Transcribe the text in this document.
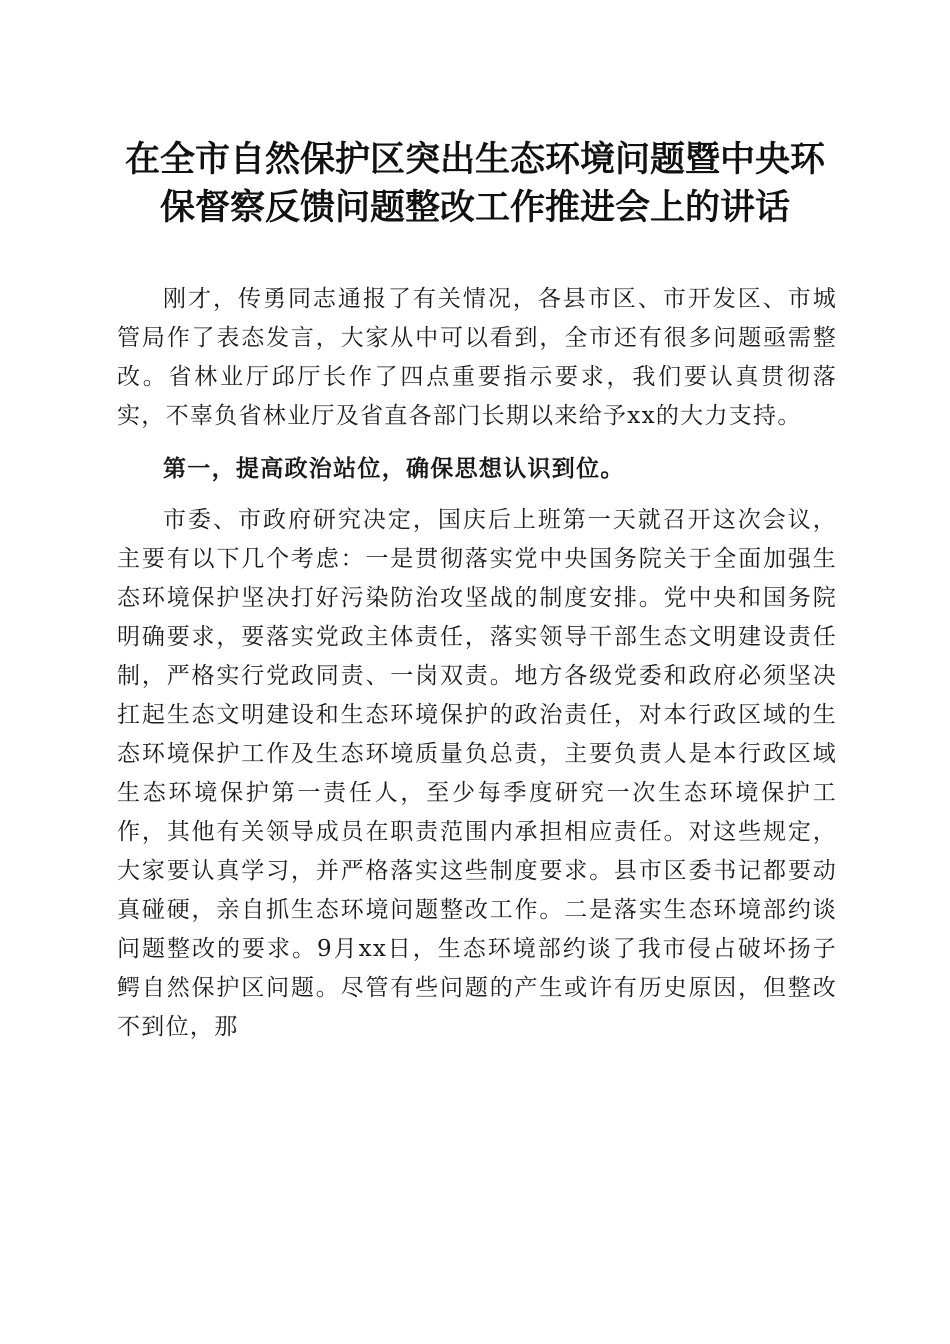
在全市自然保护区突出生态环境问题暨中央环
保督察反馈问题整改工作推进会上的讲话

刚才，传勇同志通报了有关情况，各县市区、市开发区、市城管局作了表态发言，大家从中可以看到，全市还有很多问题亟需整改。省林业厅邱厅长作了四点重要指示要求，我们要认真贯彻落实，不辜负省林业厅及省直各部门长期以来给予xx的大力支持。

第一，提高政治站位，确保思想认识到位。

市委、市政府研究决定，国庆后上班第一天就召开这次会议，主要有以下几个考虑：一是贯彻落实党中央国务院关于全面加强生态环境保护坚决打好污染防治攻坚战的制度安排。党中央和国务院明确要求，要落实党政主体责任，落实领导干部生态文明建设责任制，严格实行党政同责、一岗双责。地方各级党委和政府必须坚决扛起生态文明建设和生态环境保护的政治责任，对本行政区域的生态环境保护工作及生态环境质量负总责，主要负责人是本行政区域生态环境保护第一责任人，至少每季度研究一次生态环境保护工作，其他有关领导成员在职责范围内承担相应责任。对这些规定，大家要认真学习，并严格落实这些制度要求。县市区委书记都要动真碰硬，亲自抓生态环境问题整改工作。二是落实生态环境部约谈问题整改的要求。9月xx日，生态环境部约谈了我市侵占破坏扬子鳄自然保护区问题。尽管有些问题的产生或许有历史原因，但整改不到位，那
